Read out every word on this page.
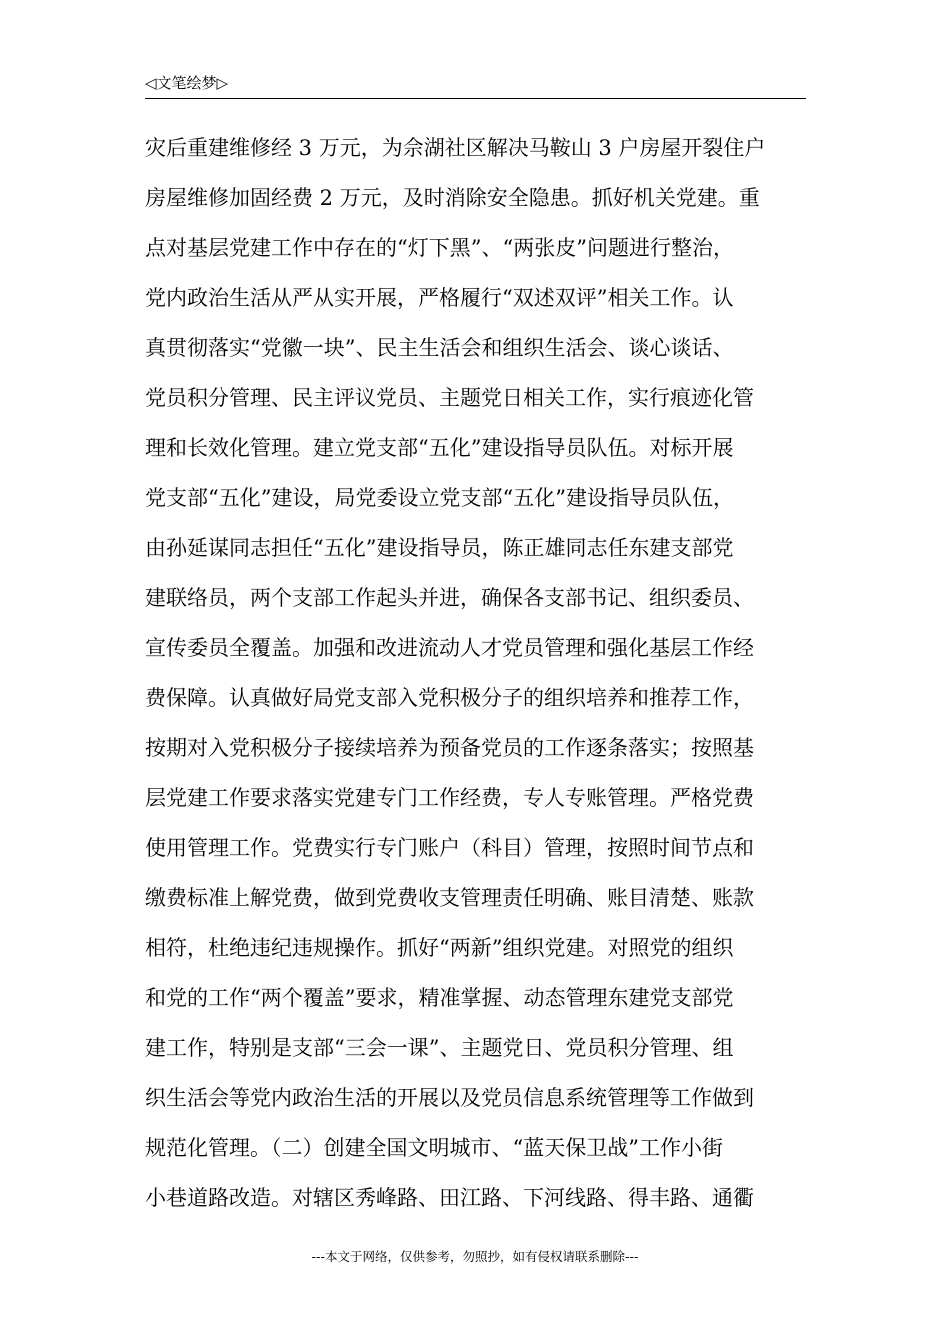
◁文笔绘梦▷
灾后重建维修经 3 万元，为佘湖社区解决马鞍山 3 户房屋开裂住户
房屋维修加固经费 2 万元，及时消除安全隐患。抓好机关党建。重
点对基层党建工作中存在的“灯下黑”、“两张皮”问题进行整治，
党内政治生活从严从实开展，严格履行“双述双评”相关工作。认
真贯彻落实“党徽一块”、民主生活会和组织生活会、谈心谈话、
党员积分管理、民主评议党员、主题党日相关工作，实行痕迹化管
理和长效化管理。建立党支部“五化”建设指导员队伍。对标开展
党支部“五化”建设，局党委设立党支部“五化”建设指导员队伍，
由孙延谋同志担任“五化”建设指导员，陈正雄同志任东建支部党
建联络员，两个支部工作起头并进，确保各支部书记、组织委员、
宣传委员全覆盖。加强和改进流动人才党员管理和强化基层工作经
费保障。认真做好局党支部入党积极分子的组织培养和推荐工作，
按期对入党积极分子接续培养为预备党员的工作逐条落实；按照基
层党建工作要求落实党建专门工作经费，专人专账管理。严格党费
使用管理工作。党费实行专门账户（科目）管理，按照时间节点和
缴费标准上解党费，做到党费收支管理责任明确、账目清楚、账款
相符，杜绝违纪违规操作。抓好“两新”组织党建。对照党的组织
和党的工作“两个覆盖”要求，精准掌握、动态管理东建党支部党
建工作，特别是支部“三会一课”、主题党日、党员积分管理、组
织生活会等党内政治生活的开展以及党员信息系统管理等工作做到
规范化管理。（二）创建全国文明城市、“蓝天保卫战”工作小街
小巷道路改造。对辖区秀峰路、田江路、下河线路、得丰路、通衢
---本文于网络，仅供参考，勿照抄，如有侵权请联系删除---
